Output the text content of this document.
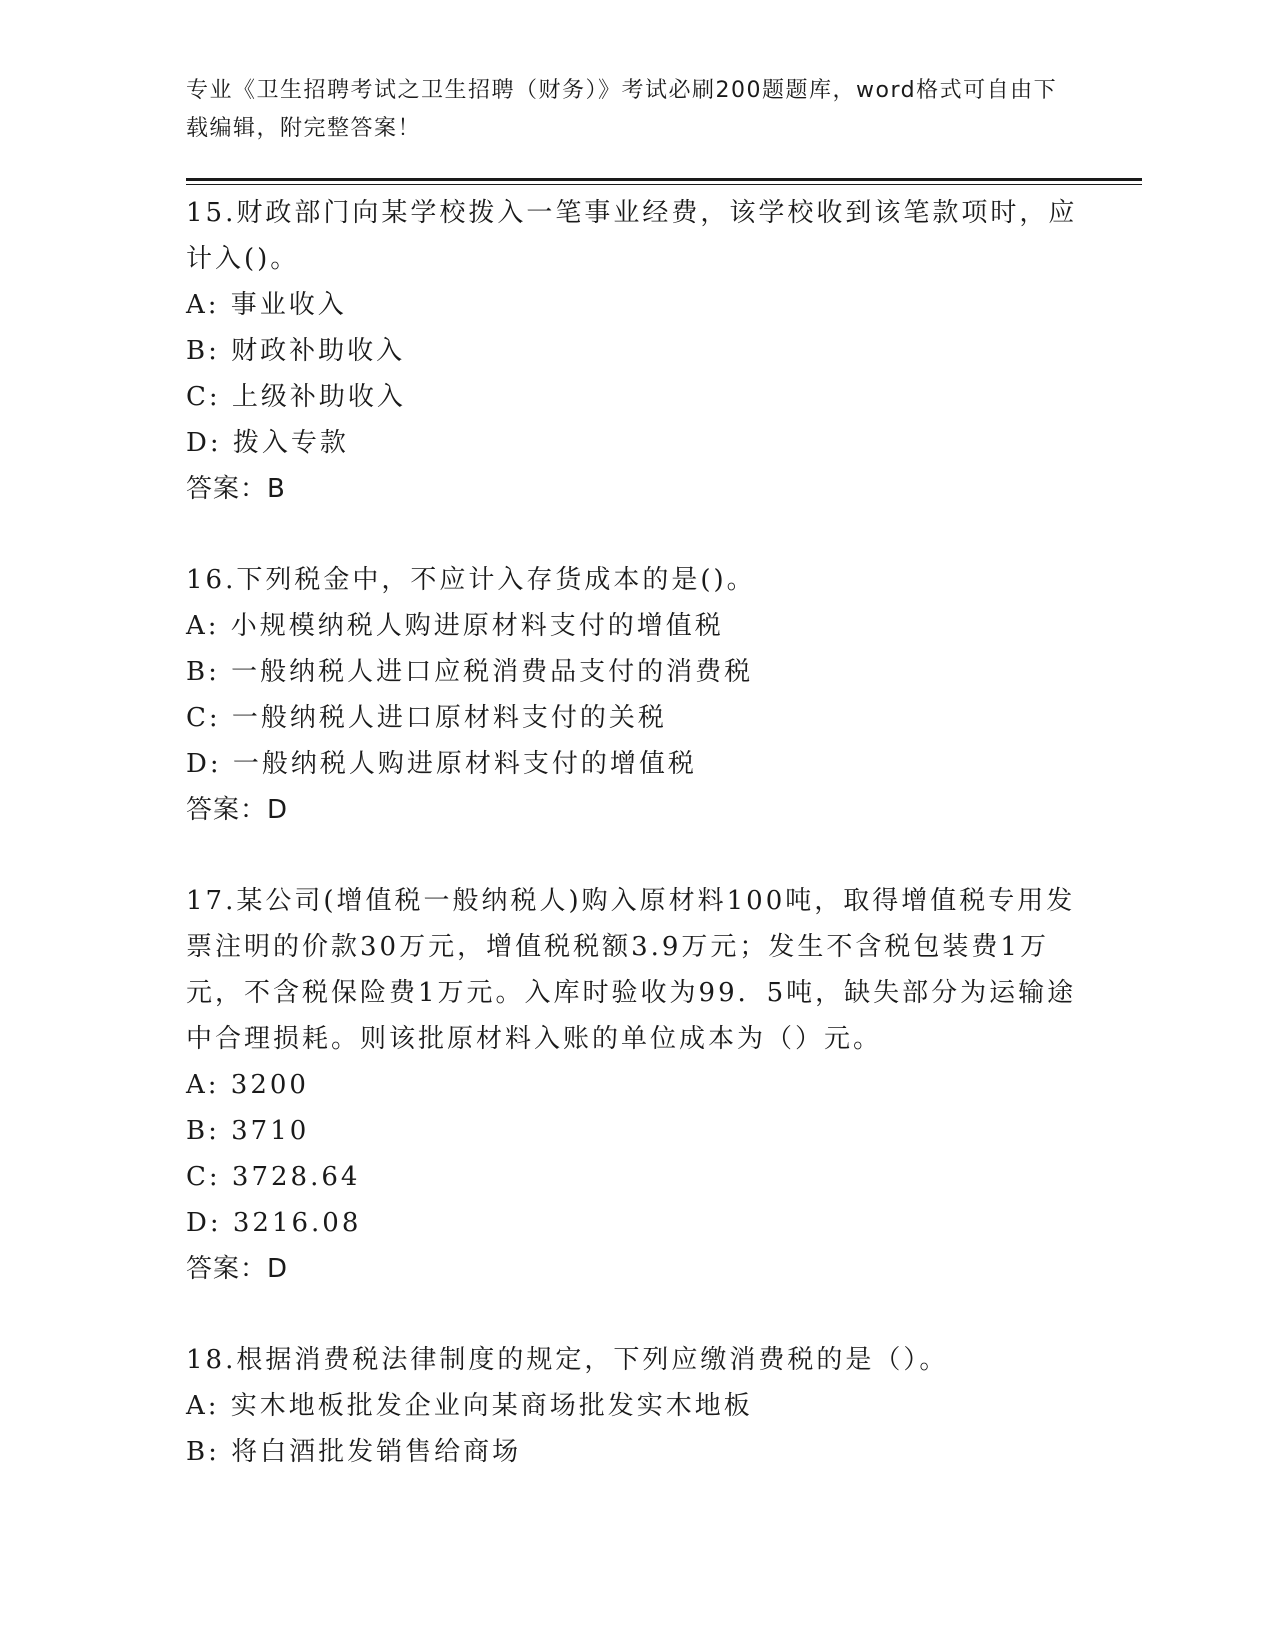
专业《卫生招聘考试之卫生招聘（财务）》考试必刷200题题库，word格式可自由下载编辑，附完整答案！

15.财政部门向某学校拨入一笔事业经费，该学校收到该笔款项时，应计入()。

A: 事业收入

B: 财政补助收入

C: 上级补助收入

D: 拨入专款

答案：B

16.下列税金中，不应计入存货成本的是()。

A: 小规模纳税人购进原材料支付的增值税

B: 一般纳税人进口应税消费品支付的消费税

C: 一般纳税人进口原材料支付的关税

D: 一般纳税人购进原材料支付的增值税

答案：D

17.某公司(增值税一般纳税人)购入原材料100吨，取得增值税专用发票注明的价款30万元，增值税税额3.9万元；发生不含税包装费1万元，不含税保险费1万元。入库时验收为99．5吨，缺失部分为运输途中合理损耗。则该批原材料入账的单位成本为（）元。

A: 3200

B: 3710

C: 3728.64

D: 3216.08

答案：D

18.根据消费税法律制度的规定，下列应缴消费税的是（）。

A: 实木地板批发企业向某商场批发实木地板

B: 将白酒批发销售给商场
